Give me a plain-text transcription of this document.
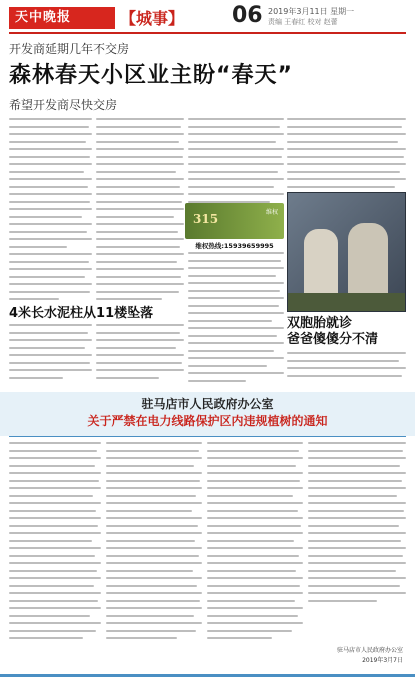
天中晚报	【城事】 06 2019年3月11日 星期一
责编 王春红 校对 赵蕾
开发商延期几年不交房
森林春天小区业主盼“春天”
希望开发商尽快交房
315	维权
维权热线:15939659995
双胞胎就诊
爸爸傻傻分不清
4米长水泥柱从11楼坠落
驻马店市人民政府办公室
关于严禁在电力线路保护区内违规植树的通知
驻马店市人民政府办公室
2019年3月7日
